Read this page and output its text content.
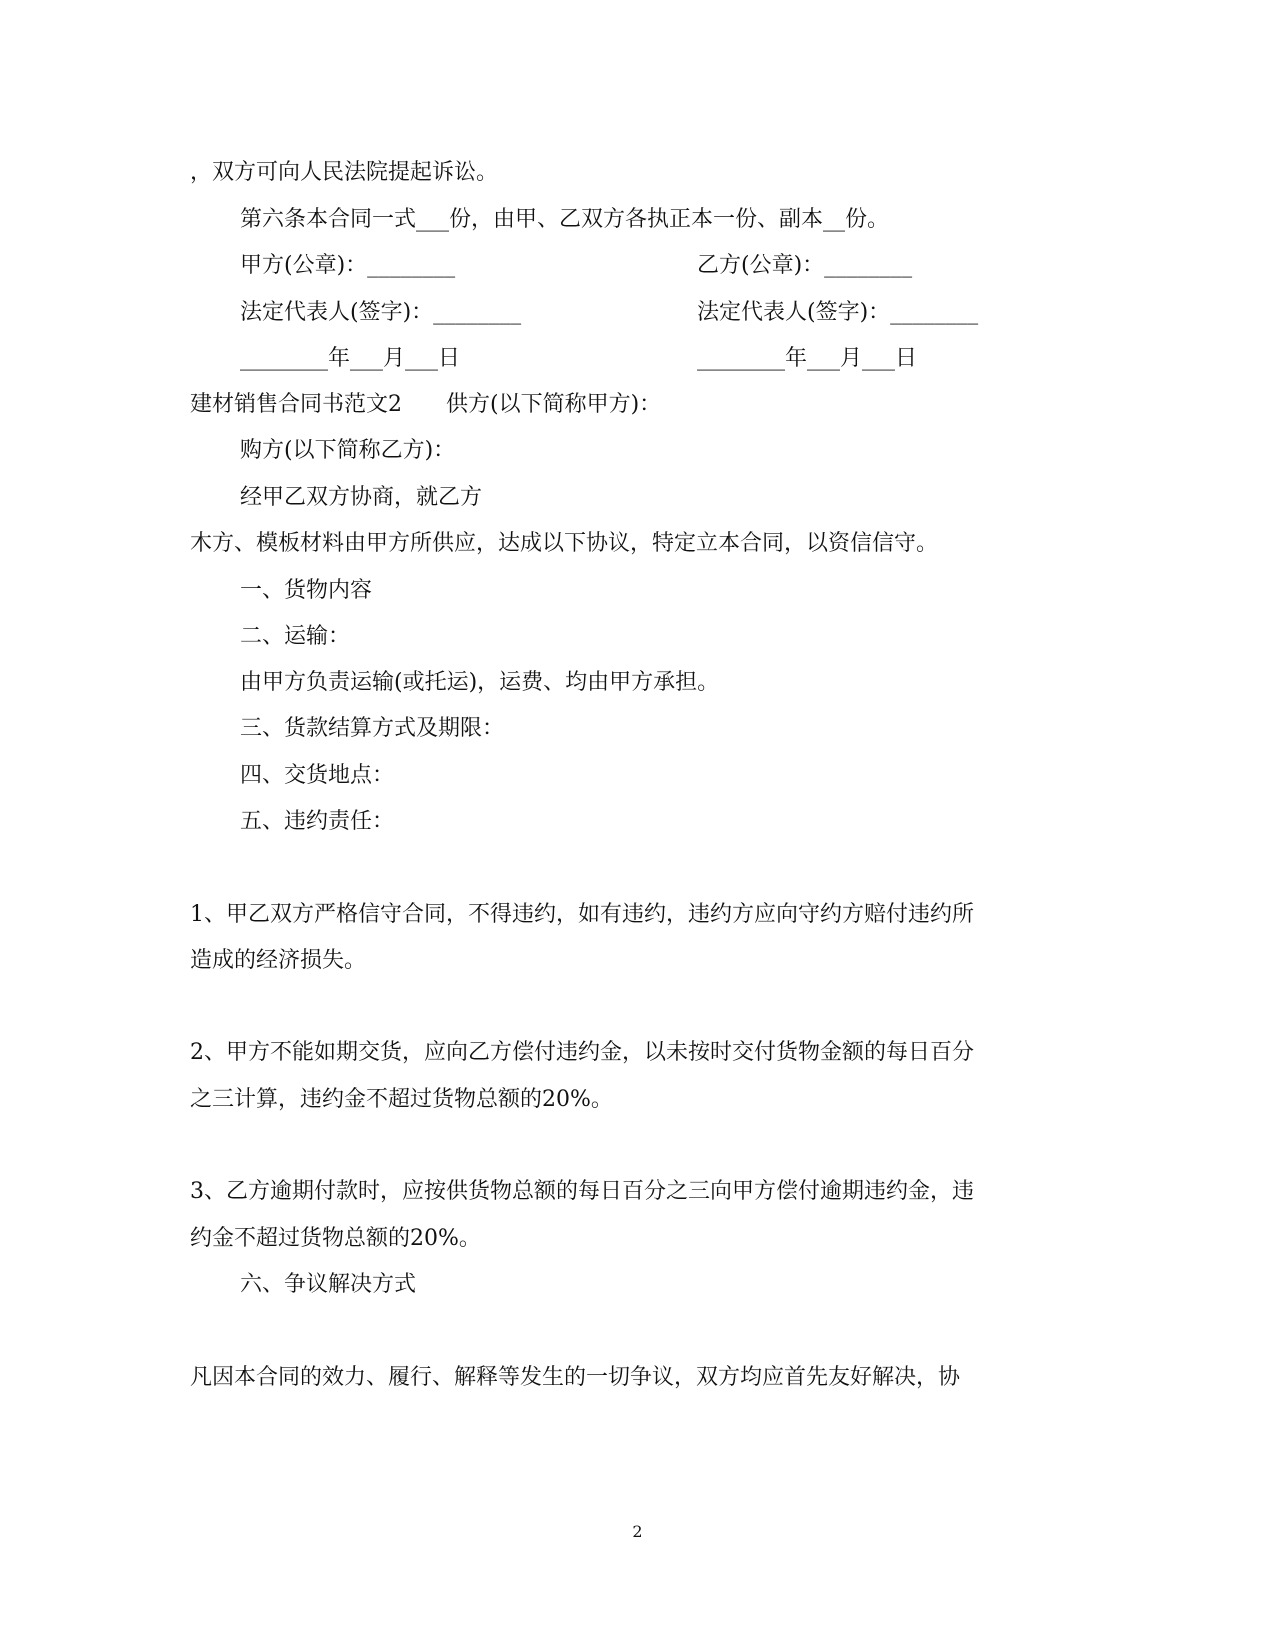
，双方可向人民法院提起诉讼。
第六条本合同一式___份，由甲、乙双方各执正本一份、副本__份。
甲方(公章)：________	乙方(公章)：________
法定代表人(签字)：________	法定代表人(签字)：________
________年___月___日	________年___月___日
建材销售合同书范文2　　供方(以下简称甲方)：
购方(以下简称乙方)：
经甲乙双方协商，就乙方
木方、模板材料由甲方所供应，达成以下协议，特定立本合同，以资信信守。
一、货物内容
二、运输：
由甲方负责运输(或托运)，运费、均由甲方承担。
三、货款结算方式及期限：
四、交货地点：
五、违约责任：
1、甲乙双方严格信守合同，不得违约，如有违约，违约方应向守约方赔付违约所
造成的经济损失。
2、甲方不能如期交货，应向乙方偿付违约金，以未按时交付货物金额的每日百分
之三计算，违约金不超过货物总额的20%。
3、乙方逾期付款时，应按供货物总额的每日百分之三向甲方偿付逾期违约金，违
约金不超过货物总额的20%。
六、争议解决方式
凡因本合同的效力、履行、解释等发生的一切争议，双方均应首先友好解决，协
2
